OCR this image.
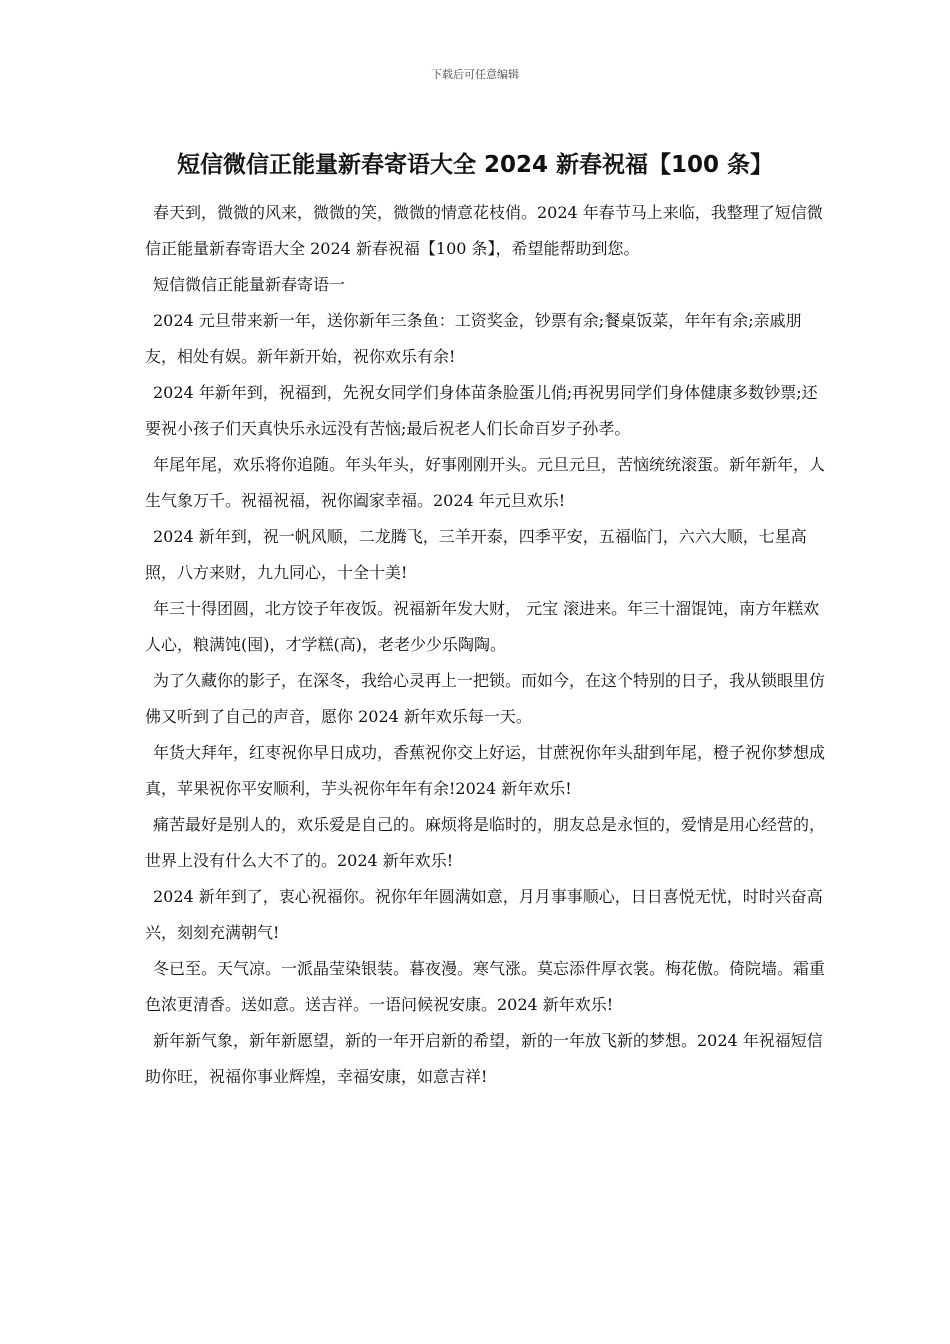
下载后可任意编辑
短信微信正能量新春寄语大全 2024 新春祝福【100 条】

春天到，微微的风来，微微的笑，微微的情意花枝俏。2024 年春节马上来临，我整理了短信微信正能量新春寄语大全 2024 新春祝福【100 条】，希望能帮助到您。

短信微信正能量新春寄语一

2024 元旦带来新一年，送你新年三条鱼：工资奖金，钞票有余;餐桌饭菜，年年有余;亲戚朋友，相处有娱。新年新开始，祝你欢乐有余!

2024 年新年到，祝福到，先祝女同学们身体苗条脸蛋儿俏;再祝男同学们身体健康多数钞票;还要祝小孩子们天真快乐永远没有苦恼;最后祝老人们长命百岁子孙孝。

年尾年尾，欢乐将你追随。年头年头，好事刚刚开头。元旦元旦，苦恼统统滚蛋。新年新年，人生气象万千。祝福祝福，祝你阖家幸福。2024 年元旦欢乐!

2024 新年到，祝一帆风顺，二龙腾飞，三羊开泰，四季平安，五福临门，六六大顺，七星高照，八方来财，九九同心，十全十美!

年三十得团圆，北方饺子年夜饭。祝福新年发大财， 元宝 滚进来。年三十溜馄饨，南方年糕欢人心，粮满饨(囤)，才学糕(高)，老老少少乐陶陶。

为了久藏你的影子，在深冬，我给心灵再上一把锁。而如今，在这个特别的日子，我从锁眼里仿佛又听到了自己的声音，愿你 2024 新年欢乐每一天。

年货大拜年，红枣祝你早日成功，香蕉祝你交上好运，甘蔗祝你年头甜到年尾，橙子祝你梦想成真，苹果祝你平安顺利，芋头祝你年年有余!2024 新年欢乐!

痛苦最好是别人的，欢乐爱是自己的。麻烦将是临时的，朋友总是永恒的，爱情是用心经营的，世界上没有什么大不了的。2024 新年欢乐!

2024 新年到了，衷心祝福你。祝你年年圆满如意，月月事事顺心，日日喜悦无忧，时时兴奋高兴，刻刻充满朝气!

冬已至。天气凉。一派晶莹染银装。暮夜漫。寒气涨。莫忘添件厚衣裳。梅花傲。倚院墙。霜重色浓更清香。送如意。送吉祥。一语问候祝安康。2024 新年欢乐!

新年新气象，新年新愿望，新的一年开启新的希望，新的一年放飞新的梦想。2024 年祝福短信助你旺，祝福你事业辉煌，幸福安康，如意吉祥!
